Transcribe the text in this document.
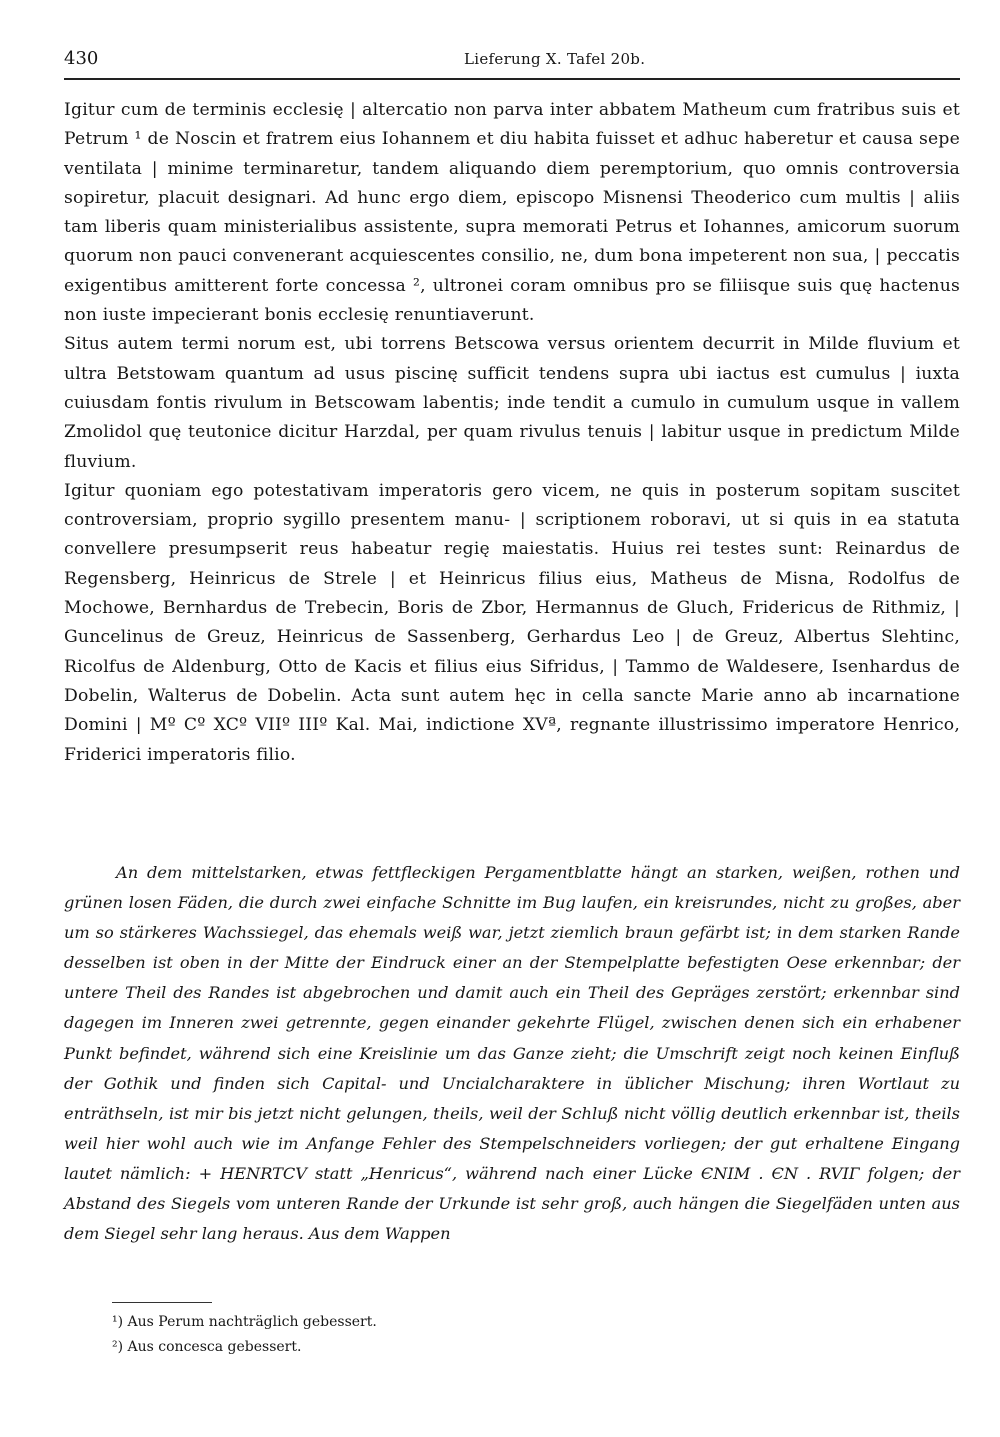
430	Lieferung X. Tafel 20b.

Igitur cum de terminis ecclesię | altercatio non parva inter abbatem Matheum cum fratribus suis et Petrum ¹ de Noscin et fratrem eius Iohannem et diu habita fuisset et adhuc haberetur et causa sepe ventilata | minime terminaretur, tandem aliquando diem peremptorium, quo omnis controversia sopiretur, placuit designari. Ad hunc ergo diem, episcopo Misnensi Theoderico cum multis | aliis tam liberis quam ministerialibus assistente, supra memorati Petrus et Iohannes, amicorum suorum quorum non pauci convenerant acquiescentes consilio, ne, dum bona impeterent non sua, | peccatis exigentibus amitterent forte concessa ², ultronei coram omnibus pro se filiisque suis quę hactenus non iuste impecierant bonis ecclesię renuntiaverunt.

Situs autem termi norum est, ubi torrens Betscowa versus orientem decurrit in Milde fluvium et ultra Betstowam quantum ad usus piscinę sufficit tendens supra ubi iactus est cumulus | iuxta cuiusdam fontis rivulum in Betscowam labentis; inde tendit a cumulo in cumulum usque in vallem Zmolidol quę teutonice dicitur Harzdal, per quam rivulus tenuis | labitur usque in predictum Milde fluvium.

Igitur quoniam ego potestativam imperatoris gero vicem, ne quis in posterum sopitam suscitet controversiam, proprio sygillo presentem manu- | scriptionem roboravi, ut si quis in ea statuta convellere presumpserit reus habeatur regię maiestatis. Huius rei testes sunt: Reinardus de Regensberg, Heinricus de Strele | et Heinricus filius eius, Matheus de Misna, Rodolfus de Mochowe, Bernhardus de Trebecin, Boris de Zbor, Hermannus de Gluch, Fridericus de Rithmiz, | Guncelinus de Greuz, Heinricus de Sassenberg, Gerhardus Leo | de Greuz, Albertus Slehtinc, Ricolfus de Aldenburg, Otto de Kacis et filius eius Sifridus, | Tammo de Waldesere, Isenhardus de Dobelin, Walterus de Dobelin. Acta sunt autem hęc in cella sancte Marie anno ab incarnatione Domini | Mº Cº XCº VIIº IIIº Kal. Mai, indictione XVª, regnante illustrissimo imperatore Henrico, Friderici imperatoris filio.

An dem mittelstarken, etwas fettfleckigen Pergamentblatte hängt an starken, weißen, rothen und grünen losen Fäden, die durch zwei einfache Schnitte im Bug laufen, ein kreisrundes, nicht zu großes, aber um so stärkeres Wachssiegel, das ehemals weiß war, jetzt ziemlich braun gefärbt ist; in dem starken Rande desselben ist oben in der Mitte der Eindruck einer an der Stempelplatte befestigten Oese erkennbar; der untere Theil des Randes ist abgebrochen und damit auch ein Theil des Gepräges zerstört; erkennbar sind dagegen im Inneren zwei getrennte, gegen einander gekehrte Flügel, zwischen denen sich ein erhabener Punkt befindet, während sich eine Kreislinie um das Ganze zieht; die Umschrift zeigt noch keinen Einfluß der Gothik und finden sich Capital- und Uncialcharaktere in üblicher Mischung; ihren Wortlaut zu enträthseln, ist mir bis jetzt nicht gelungen, theils, weil der Schluß nicht völlig deutlich erkennbar ist, theils weil hier wohl auch wie im Anfange Fehler des Stempelschneiders vorliegen; der gut erhaltene Eingang lautet nämlich: + HENRTCV statt „Henricus“, während nach einer Lücke ЄNIM . ЄN . RVIГ folgen; der Abstand des Siegels vom unteren Rande der Urkunde ist sehr groß, auch hängen die Siegelfäden unten aus dem Siegel sehr lang heraus. Aus dem Wappen

¹) Aus Perum nachträglich gebessert.
²) Aus concesca gebessert.
